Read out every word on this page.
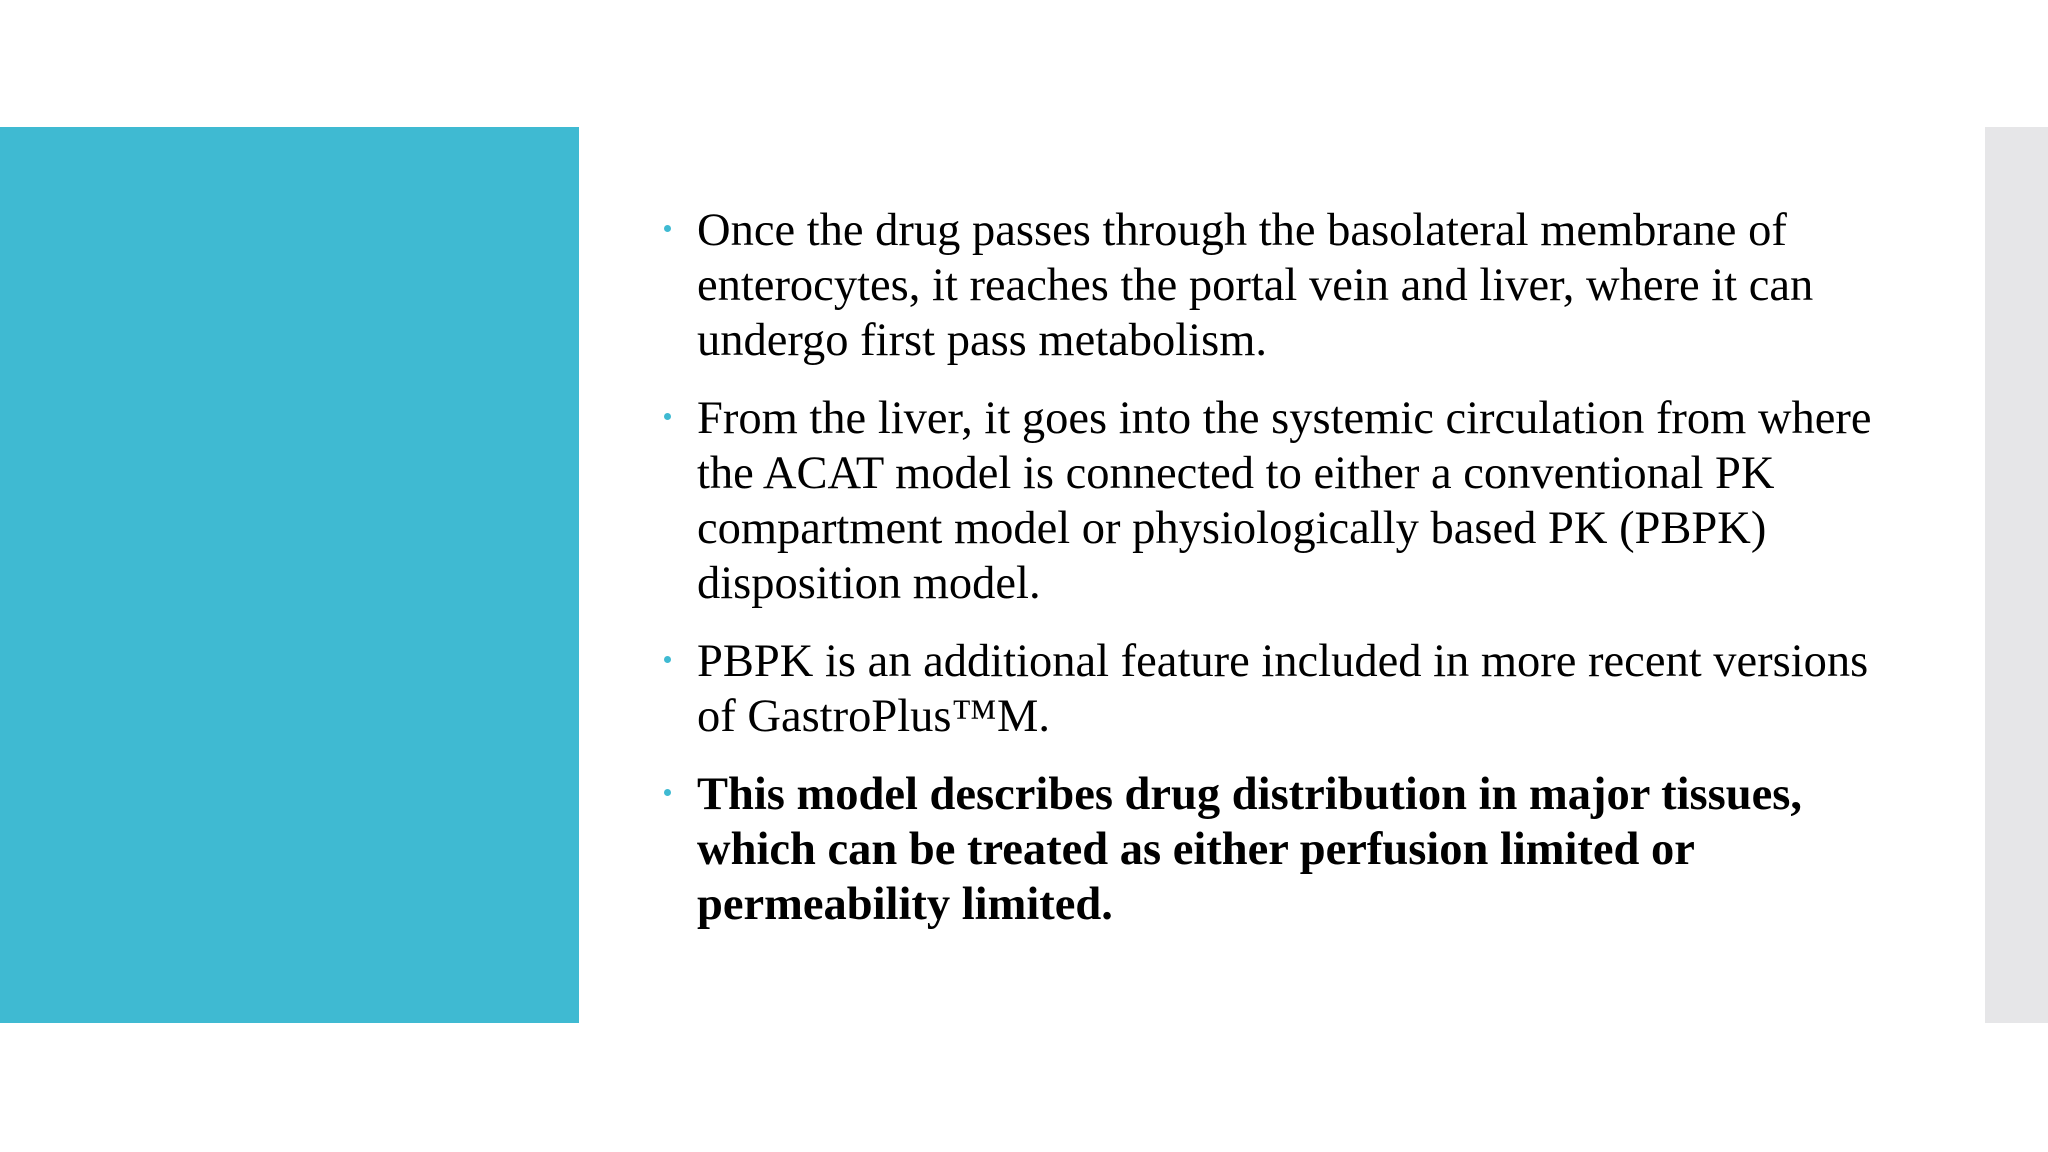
Once the drug passes through the basolateral membrane of enterocytes, it reaches the portal vein and liver, where it can undergo first pass metabolism.
From the liver, it goes into the systemic circulation from where the ACAT model is connected to either a conventional PK compartment model or physiologically based PK (PBPK) disposition model.
PBPK is an additional feature included in more recent versions of GastroPlus™M.
This model describes drug distribution in major tissues, which can be treated as either perfusion limited or permeability limited.
